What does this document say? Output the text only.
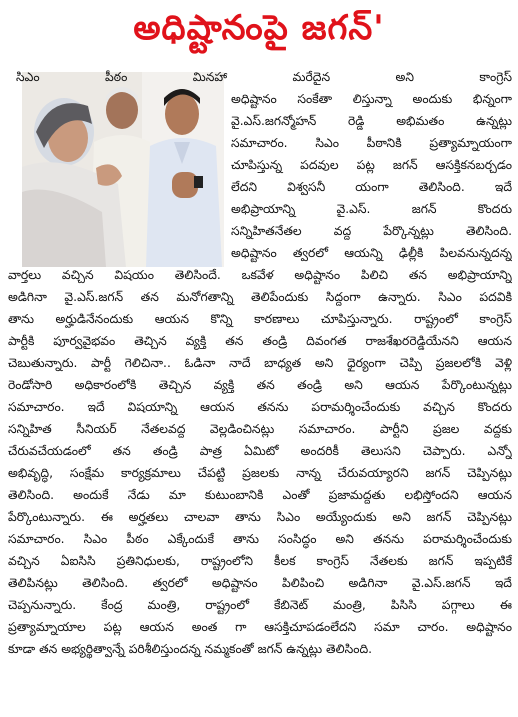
అధిష్టానంపై జగన్'
సిఎం పీఠం మినహా మరేదైన అని కాంగ్రెస్
అధిష్టానం సంకేతా లిస్తున్నా అందుకు భిన్నంగా
వై.ఎస్.జగన్మోహన్ రెడ్డి అభిమతం ఉన్నట్లు
సమాచారం. సిఎం పీఠానికి ప్రత్యామ్నాయంగా
చూపిస్తున్న పదవుల పట్ల జగన్ ఆసక్తికనబర్చడం
లేదని విశ్వసనీ యంగా తెలిసింది. ఇదే
అభిప్రాయాన్ని వై.ఎస్. జగన్ కొందరు
సన్నిహితనేతల వద్ద పేర్కొన్నట్లు తెలిసింది.
అధిష్టానం త్వరలో ఆయన్ని ఢిల్లీకి పిలవనున్నదన్న
వార్తలు వచ్చిన విషయం తెలిసిందే. ఒకవేళ అధిష్టానం పిలిచి తన అభిప్రాయాన్ని
అడిగినా వై.ఎస్.జగన్ తన మనోగతాన్ని తెలిపేందుకు సిద్దంగా ఉన్నారు. సిఎం పదవికి
తాను అర్హుడినేనందుకు ఆయన కొన్ని కారణాలు చూపిస్తున్నారు. రాష్ట్రంలో కాంగ్రెస్
పార్టీకి పూర్వవైభవం తెచ్చిన వ్యక్తి తన తండ్రి దివంగత రాజశేఖరరెడ్డియేనని ఆయన
చెబుతున్నారు. పార్టీ గెలిచినా.. ఓడినా నాదే బాధ్యత అని ధైర్యంగా చెప్పి ప్రజలలోకి వెళ్లి
రెండోసారి అధికారంలోకి తెచ్చిన వ్యక్తి తన తండ్రి అని ఆయన పేర్కొంటున్నట్లు
సమాచారం. ఇదే విషయాన్ని ఆయన తనను పరామర్శించేందుకు వచ్చిన కొందరు
సన్నిహిత సీనియర్ నేతలవద్ద వెల్లడించినట్లు సమాచారం. పార్టీని ప్రజల వద్దకు
చేరువచేయడంలో తన తండ్రి పాత్ర ఏమిటో అందరికీ తెలుసని చెప్పారు. ఎన్నో
అభివృద్ధి, సంక్షేమ కార్యక్రమాలు చేపట్టి ప్రజలకు నాన్న చేరువయ్యారని జగన్ చెప్పినట్లు
తెలిసింది. అందుకే నేడు మా కుటుంబానికి ఎంతో ప్రజామద్దతు లభిస్తోందని ఆయన
పేర్కొంటున్నారు. ఈ అర్హతలు చాలవా తాను సిఎం అయ్యేందుకు అని జగన్ చెప్పినట్లు
సమాచారం. సిఎం పీఠం ఎక్కేందుకే తాను సంసిద్ధం అని తనను పరామర్శించేందుకు
వచ్చిన ఏఐసిసి ప్రతినిధులకు, రాష్ట్రంలోని కీలక కాంగ్రెస్ నేతలకు జగన్ ఇప్పటికే
తెలిపినట్లు తెలిసింది. త్వరలో అధిష్టానం పిలిపించి అడిగినా వై.ఎస్.జగన్ ఇదే
చెప్పనున్నారు. కేంద్ర మంత్రి, రాష్ట్రంలో కేబినెట్ మంత్రి, పిసిసి పగ్గాలు ఈ
ప్రత్యామ్నాయాల పట్ల ఆయన అంత గా ఆసక్తిచూపడంలేదని సమా చారం. అధిష్టానం
కూడా తన అభ్యర్థిత్వాన్నే పరిశీలిస్తుందన్న నమ్మకంతో జగన్ ఉన్నట్లు తెలిసింది.
